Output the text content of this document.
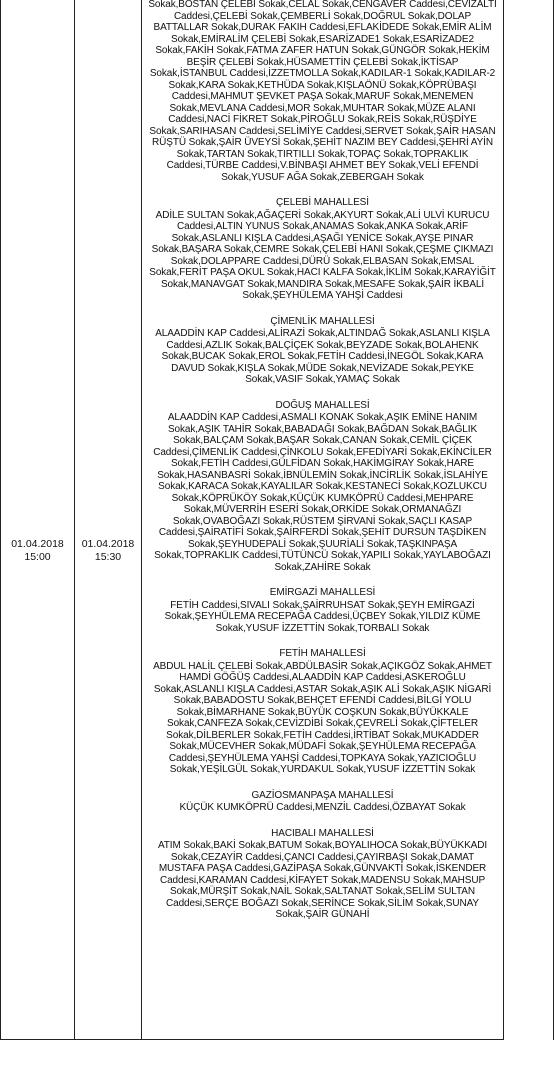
01.04.2018
15:00
01.04.2018
15:30
Sokak,BOSTAN ÇELEBİ Sokak,CELAL Sokak,CENGAVER Caddesi,CEVİZALTI Caddesi,ÇELEBİ Sokak,ÇEMBERLİ Sokak,DOĞRUL Sokak,DOLAP BATTALLAR Sokak,DURAK FAKIH Caddesi,EFLAKİDEDE Sokak,EMİR ALİM Sokak,EMİRALİM ÇELEBİ Sokak,ESARİZADE1 Sokak,ESARİZADE2 Sokak,FAKİH Sokak,FATMA ZAFER HATUN Sokak,GÜNGÖR Sokak,HEKİM BEŞİR ÇELEBİ Sokak,HÜSAMETTİN ÇELEBİ Sokak,İKTİSAP Sokak,İSTANBUL Caddesi,İZZETMOLLA Sokak,KADILAR-1 Sokak,KADILAR-2 Sokak,KARA Sokak,KETHÜDA Sokak,KIŞLAÖNÜ Sokak,KÖPRÜBAŞI Caddesi,MAHMUT ŞEVKET PAŞA Sokak,MARUF Sokak,MENEMEN Sokak,MEVLANA Caddesi,MOR Sokak,MUHTAR Sokak,MÜZE ALANI Caddesi,NACİ FİKRET Sokak,PİROĞLU Sokak,REİS Sokak,RÜŞDİYE Sokak,SARIHASAN Caddesi,SELİMİYE Caddesi,SERVET Sokak,ŞAİR HASAN RÜŞTÜ Sokak,ŞAİR ÜVEYSİ Sokak,ŞEHİT NAZIM BEY Caddesi,ŞEHRİ AYİN Sokak,TARTAN Sokak,TIRTILLI Sokak,TOPAÇ Sokak,TOPRAKLIK Caddesi,TÜRBE Caddesi,V.BİNBAŞI AHMET BEY Sokak,VELİ EFENDİ Sokak,YUSUF AĞA Sokak,ZEBERGAH Sokak
ÇELEBİ MAHALLESİ
ADİLE SULTAN Sokak,AĞAÇERİ Sokak,AKYURT Sokak,ALİ ULVİ KURUCU Caddesi,ALTIN YUNUS Sokak,ANAMAS Sokak,ANKA Sokak,ARİF Sokak,ASLANLI KIŞLA Caddesi,AŞAĞI YENİCE Sokak,AYŞE PINAR Sokak,BAŞARA Sokak,CEMRE Sokak,ÇELEBİ HANI Sokak,ÇEŞME ÇIKMAZI Sokak,DOLAPPARE Caddesi,DÜRÜ Sokak,ELBASAN Sokak,EMSAL Sokak,FERİT PAŞA OKUL Sokak,HACI KALFA Sokak,İKLİM Sokak,KARAYİĞİT Sokak,MANAVGAT Sokak,MANDIRA Sokak,MESAFE Sokak,ŞAİR İKBALİ Sokak,ŞEYHÜLEMA YAHŞİ Caddesi
ÇİMENLİK MAHALLESİ
ALAADDİN KAP Caddesi,ALİRAZİ Sokak,ALTINDAĞ Sokak,ASLANLI KIŞLA Caddesi,AZLIK Sokak,BALÇİÇEK Sokak,BEYZADE Sokak,BOLAHENK Sokak,BUCAK Sokak,EROL Sokak,FETİH Caddesi,İNEGÖL Sokak,KARA DAVUD Sokak,KIŞLA Sokak,MÜDE Sokak,NEVİZADE Sokak,PEYKE Sokak,VASIF Sokak,YAMAÇ Sokak
DOĞUŞ MAHALLESİ
ALAADDİN KAP Caddesi,ASMALI KONAK Sokak,AŞIK EMİNE HANIM Sokak,AŞIK TAHİR Sokak,BABADAĞI Sokak,BAĞDAN Sokak,BAĞLIK Sokak,BALÇAM Sokak,BAŞAR Sokak,CANAN Sokak,CEMİL ÇİÇEK Caddesi,ÇİMENLİK Caddesi,ÇİNKOLU Sokak,EFEDİYARİ Sokak,EKİNCİLER Sokak,FETİH Caddesi,GÜLFİDAN Sokak,HAKİMGİRAY Sokak,HARE Sokak,HASANBASRİ Sokak,İBNÜLEMİN Sokak,İNCİRLİK Sokak,İSLAHİYE Sokak,KARACA Sokak,KAYALILAR Sokak,KESTANECİ Sokak,KOZLUKCU Sokak,KÖPRÜKÖY Sokak,KÜÇÜK KUMKÖPRÜ Caddesi,MEHPARE Sokak,MÜVERRİH ESERİ Sokak,ORKİDE Sokak,ORMANAĞZI Sokak,OVABOĞAZI Sokak,RÜSTEM ŞİRVANİ Sokak,SAÇLI KASAP Caddesi,ŞAİRATİFİ Sokak,ŞAİRFERDİ Sokak,ŞEHİT DURSUN TAŞDİKEN Sokak,ŞEYHUDEPALİ Sokak,ŞUURİALİ Sokak,TAŞKINPAŞA Sokak,TOPRAKLIK Caddesi,TÜTÜNCÜ Sokak,YAPILI Sokak,YAYLABOĞAZI Sokak,ZAHİRE Sokak
EMİRGAZİ MAHALLESİ
FETİH Caddesi,SIVALI Sokak,ŞAİRRUHSAT Sokak,ŞEYH EMİRGAZİ Sokak,ŞEYHÜLEMA RECEPAĞA Caddesi,ÜÇBEY Sokak,YILDIZ KÜME Sokak,YUSUF İZZETTİN Sokak,TORBALI Sokak
FETİH MAHALLESİ
ABDUL HALİL ÇELEBİ Sokak,ABDÜLBASİR Sokak,AÇIKGÖZ Sokak,AHMET HAMDİ GÖĞÜŞ Caddesi,ALAADDİN KAP Caddesi,ASKEROĞLU Sokak,ASLANLI KIŞLA Caddesi,ASTAR Sokak,AŞIK ALİ Sokak,AŞIK NİGARİ Sokak,BABADOSTU Sokak,BEHÇET EFENDİ Caddesi,BİLGİ YOLU Sokak,BİMARHANE Sokak,BÜYÜK COŞKUN Sokak,BÜYÜKKALE Sokak,CANFEZA Sokak,CEVİZDİBİ Sokak,ÇEVRELİ Sokak,ÇİFTELER Sokak,DİLBERLER Sokak,FETİH Caddesi,İRTİBAT Sokak,MUKADDER Sokak,MÜCEVHER Sokak,MÜDAFİ Sokak,ŞEYHÜLEMA RECEPAĞA Caddesi,ŞEYHÜLEMA YAHŞİ Caddesi,TOPKAYA Sokak,YAZICIOĞLU Sokak,YEŞİLGÜL Sokak,YURDAKUL Sokak,YUSUF İZZETTİN Sokak
GAZİOSMANPAŞA MAHALLESİ
KÜÇÜK KUMKÖPRÜ Caddesi,MENZİL Caddesi,ÖZBAYAT Sokak
HACIBALI MAHALLESİ
ATIM Sokak,BAKİ Sokak,BATUM Sokak,BOYALIHOCA Sokak,BÜYÜKKADI Sokak,CEZAYİR Caddesi,ÇANCI Caddesi,ÇAYIRBAŞI Sokak,DAMAT MUSTAFA PAŞA Caddesi,GAZİPAŞA Sokak,GÜNVAKTİ Sokak,İSKENDER Caddesi,KARAMAN Caddesi,KİFAYET Sokak,MADENSU Sokak,MAHSUP Sokak,MÜRŞİT Sokak,NAİL Sokak,SALTANAT Sokak,SELİM SULTAN Caddesi,SERÇE BOĞAZI Sokak,SERİNCE Sokak,SİLİM Sokak,SUNAY Sokak,ŞAİR GÜNAHİ
